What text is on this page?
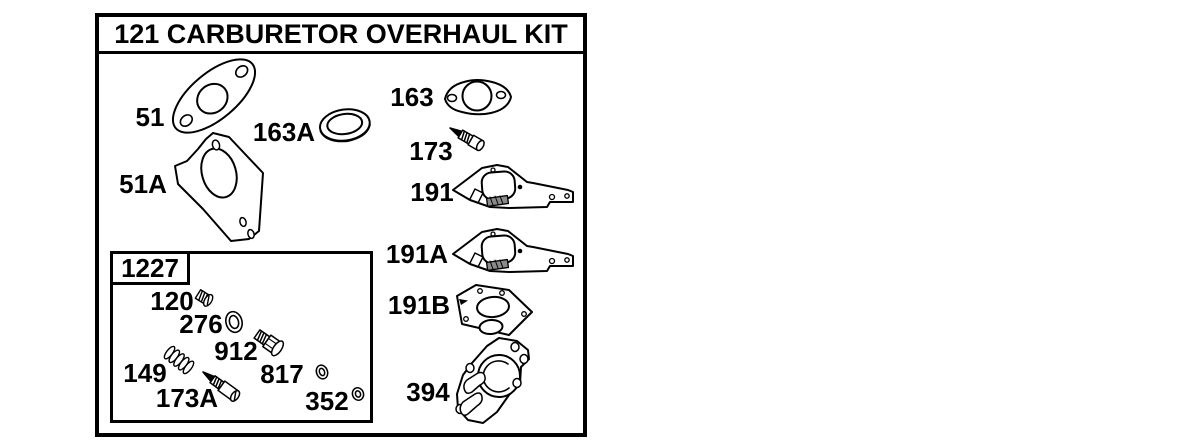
121 CARBURETOR OVERHAUL KIT
1227
51
51A
163
163A
173
191
191A
191B
394
120
276
912
149
173A
817
352
